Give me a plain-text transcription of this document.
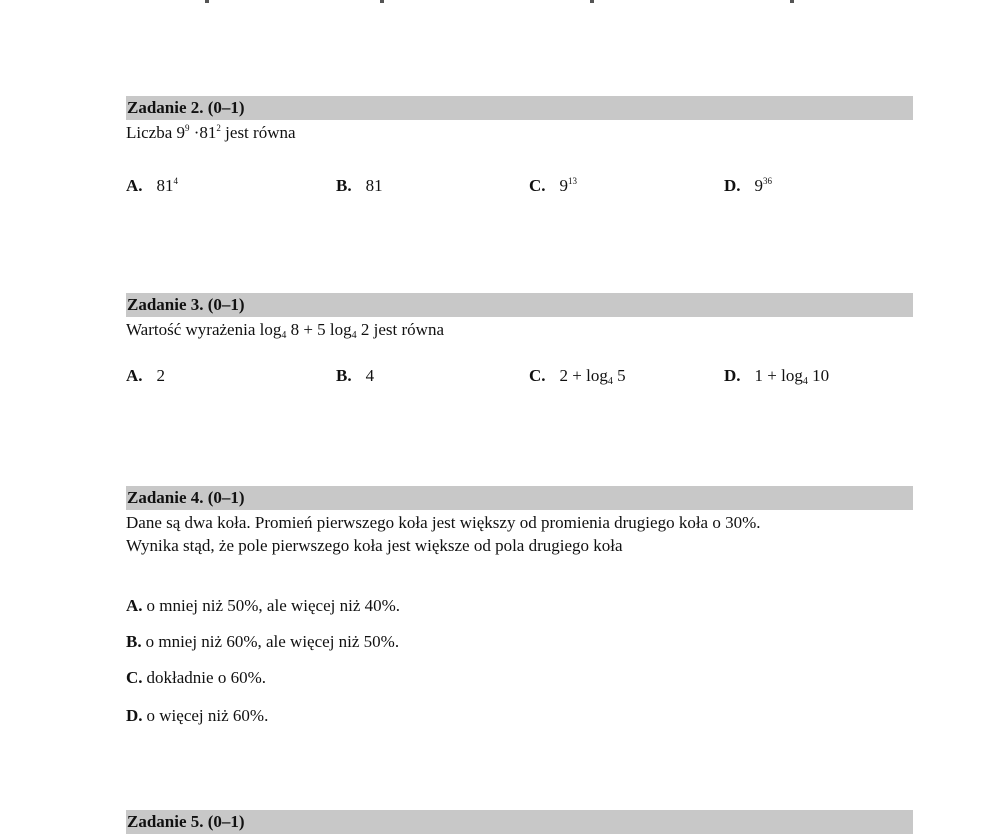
Zadanie 2. (0–1)
Liczba $9^9 \cdot 81^2$ jest równa
A. $81^4$	B. 81	C. $9^{13}$	D. $9^{36}$
Zadanie 3. (0–1)
Wartość wyrażenia $\log_4 8 + 5$ $\log_4 2$ jest równa
A. 2	B. 4	C. $2 + \log_4 5$	D. $1 + \log_4 10$
Zadanie 4. (0–1)
Dane są dwa koła. Promień pierwszego koła jest większy od promienia drugiego koła o 30%.
Wynika stąd, że pole pierwszego koła jest większe od pola drugiego koła
A. o mniej niż 50%, ale więcej niż 40%.
B. o mniej niż 60%, ale więcej niż 50%.
C. dokładnie o 60%.
D. o więcej niż 60%.
Zadanie 5. (0–1)
